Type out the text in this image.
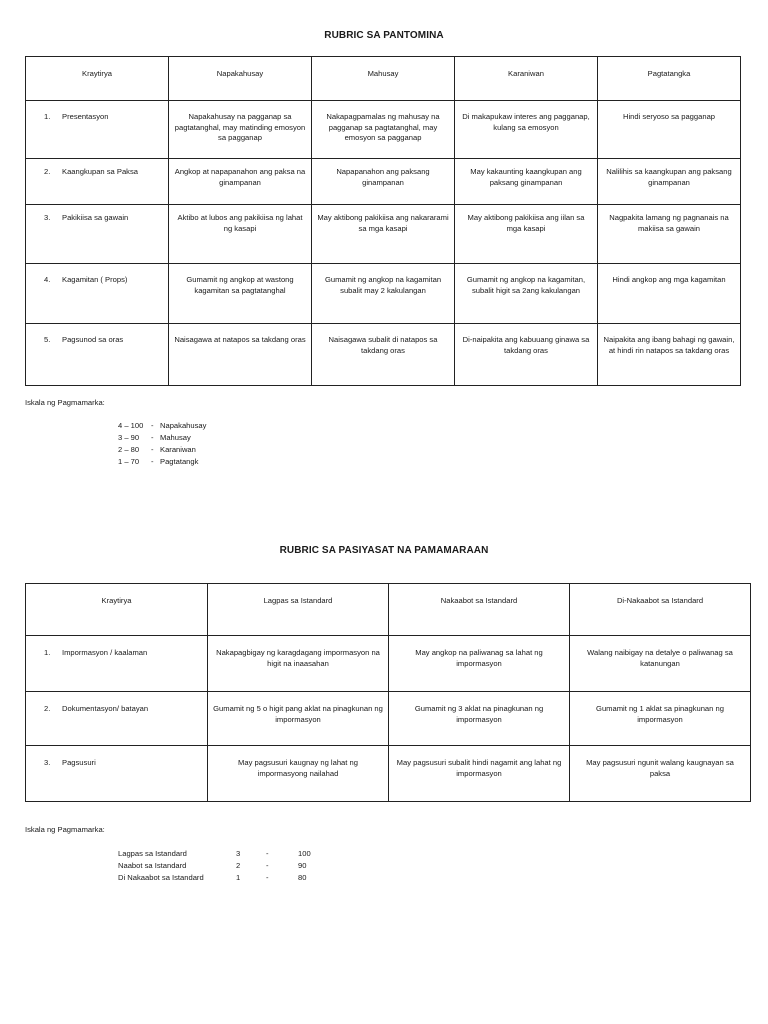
RUBRIC SA PANTOMINA
Kraytirya	Napakahusay	Mahusay	Karaniwan	Pagtatangka

1. Presentasyon	Napakahusay na pagganap sa pagtatanghal, may matinding emosyon sa pagganap	Nakapagpamalas ng mahusay na pagganap sa pagtatanghal, may emosyon sa pagganap	Di makapukaw interes ang pagganap, kulang sa emosyon	Hindi seryoso sa pagganap

2. Kaangkupan sa Paksa	Angkop at napapanahon ang paksa na ginampanan	Napapanahon ang paksang ginampanan	May kakaunting kaangkupan ang paksang ginampanan	Nalilihis sa kaangkupan ang paksang ginampanan

3. Pakikiisa sa gawain	Aktibo at lubos ang pakikiisa ng lahat ng kasapi	May aktibong pakikiisa ang nakararami sa mga kasapi	May aktibong pakikiisa ang iilan sa mga kasapi	Nagpakita lamang ng pagnanais na makiisa sa gawain

4. Kagamitan ( Props)	Gumamit ng angkop at wastong kagamitan sa pagtatanghal	Gumamit ng angkop na kagamitan subalit may 2 kakulangan	Gumamit ng angkop na kagamitan, subalit higit sa 2ang kakulangan	Hindi angkop ang mga kagamitan

5. Pagsunod sa oras	Naisagawa at natapos sa takdang oras	Naisagawa subalit di natapos sa takdang oras	Di-naipakita ang kabuuang ginawa sa takdang oras	Naipakita ang ibang bahagi ng gawain, at hindi rin natapos sa takdang oras
Iskala ng Pagmamarka:
4 – 100 - Napakahusay
3 – 90 - Mahusay
2 – 80 - Karaniwan
1 – 70 - Pagtatangk
RUBRIC SA PASIYASAT NA PAMAMARAAN
Kraytirya	Lagpas sa Istandard	Nakaabot sa Istandard	Di-Nakaabot sa Istandard

1. Impormasyon / kaalaman	Nakapagbigay ng karagdagang impormasyon na higit na inaasahan	May angkop na paliwanag sa lahat ng impormasyon	Walang naibigay na detalye o paliwanag sa katanungan

2. Dokumentasyon/ batayan	Gumamit ng 5 o higit pang aklat na pinagkunan ng impormasyon	Gumamit ng 3 aklat na pinagkunan ng impormasyon	Gumamit ng 1 aklat sa pinagkunan ng impormasyon

3. Pagsusuri	May pagsusuri kaugnay ng lahat ng impormasyong nailahad	May pagsusuri subalit hindi nagamit ang lahat ng impormasyon	May pagsusuri ngunit walang kaugnayan sa paksa
Iskala ng Pagmamarka:
Lagpas sa Istandard	3	-	100
Naabot sa Istandard	2	-	90
Di Nakaabot sa Istandard	1	-	80
